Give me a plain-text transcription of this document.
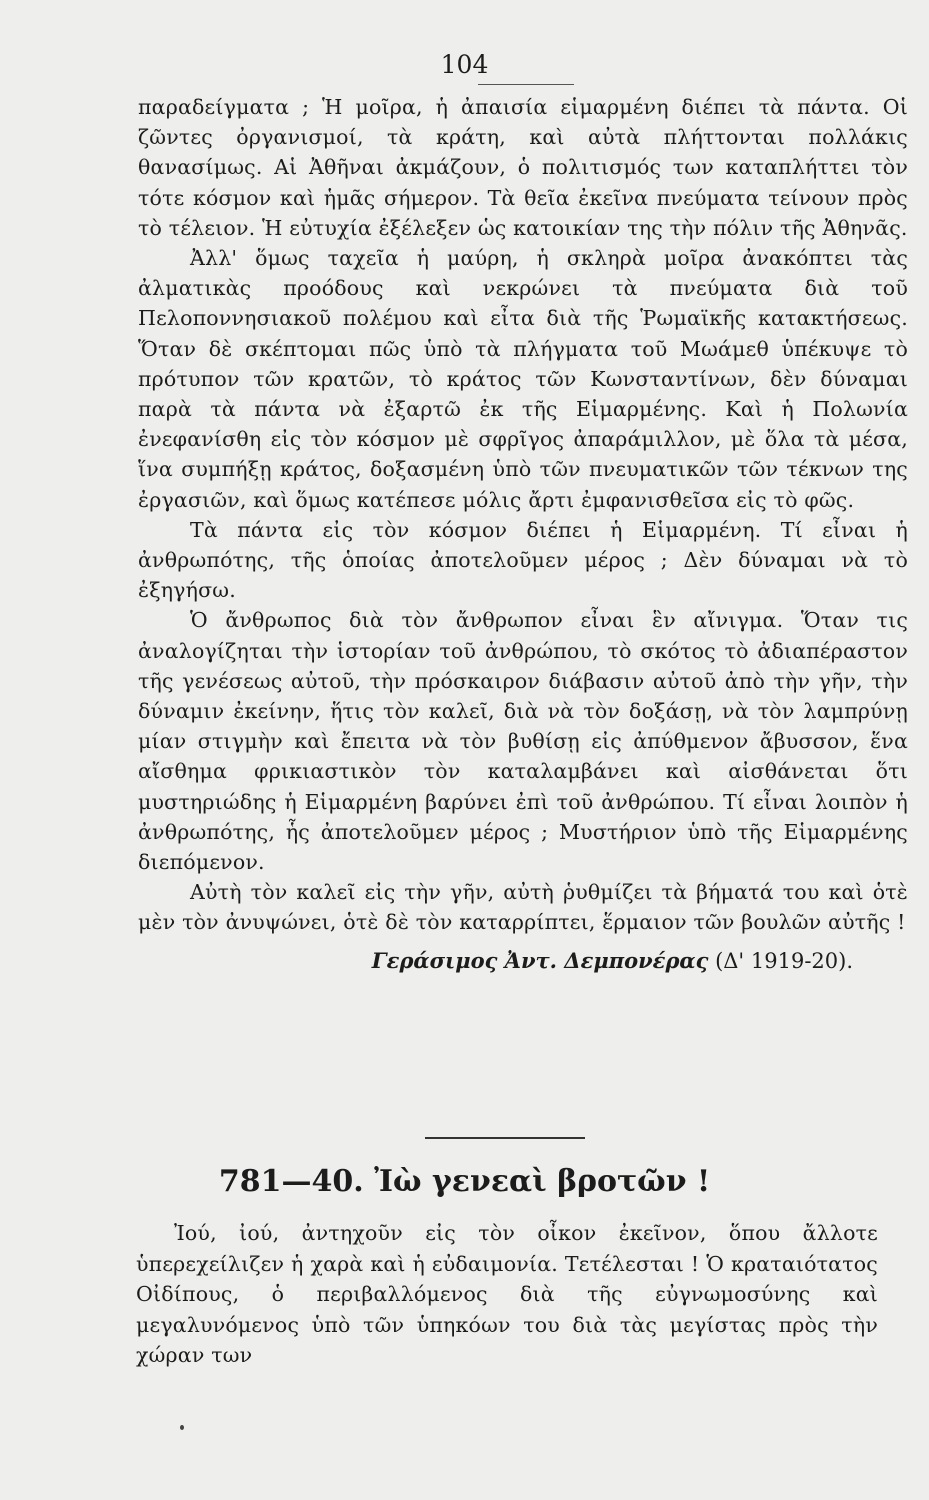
104

παραδείγματα ; Ἡ μοῖρα, ἡ ἀπαισία εἱμαρμένη διέπει τὰ πάντα. Οἱ ζῶντες ὀργανισμοί, τὰ κράτη, καὶ αὐτὰ πλήττονται πολλάκις θανασίμως. Αἱ Ἀθῆναι ἀκμάζουν, ὁ πολιτισμός των καταπλήττει τὸν τότε κόσμον καὶ ἡμᾶς σήμερον. Τὰ θεῖα ἐκεῖνα πνεύματα τείνουν πρὸς τὸ τέλειον. Ἡ εὐτυχία ἐξέλεξεν ὡς κατοικίαν της τὴν πόλιν τῆς Ἀθηνᾶς.

Ἀλλ' ὅμως ταχεῖα ἡ μαύρη, ἡ σκληρὰ μοῖρα ἀνακόπτει τὰς ἀλματικὰς προόδους καὶ νεκρώνει τὰ πνεύματα διὰ τοῦ Πελοποννησιακοῦ πολέμου καὶ εἶτα διὰ τῆς Ῥωμαϊκῆς κατακτήσεως. Ὅταν δὲ σκέπτομαι πῶς ὑπὸ τὰ πλήγματα τοῦ Μωάμεθ ὑπέκυψε τὸ πρότυπον τῶν κρατῶν, τὸ κράτος τῶν Κωνσταντίνων, δὲν δύναμαι παρὰ τὰ πάντα νὰ ἐξαρτῶ ἐκ τῆς Εἱμαρμένης. Καὶ ἡ Πολωνία ἐνεφανίσθη εἰς τὸν κόσμον μὲ σφρῖγος ἀπαράμιλλον, μὲ ὅλα τὰ μέσα, ἵνα συμπήξῃ κράτος, δοξασμένη ὑπὸ τῶν πνευματικῶν τῶν τέκνων της ἐργασιῶν, καὶ ὅμως κατέπεσε μόλις ἄρτι ἐμφανισθεῖσα εἰς τὸ φῶς.

Τὰ πάντα εἰς τὸν κόσμον διέπει ἡ Εἱμαρμένη. Τί εἶναι ἡ ἀνθρωπότης, τῆς ὁποίας ἀποτελοῦμεν μέρος ; Δὲν δύναμαι νὰ τὸ ἐξηγήσω.

Ὁ ἄνθρωπος διὰ τὸν ἄνθρωπον εἶναι ἓν αἴνιγμα. Ὅταν τις ἀναλογίζηται τὴν ἱστορίαν τοῦ ἀνθρώπου, τὸ σκότος τὸ ἀδιαπέραστον τῆς γενέσεως αὐτοῦ, τὴν πρόσκαιρον διάβασιν αὐτοῦ ἀπὸ τὴν γῆν, τὴν δύναμιν ἐκείνην, ἥτις τὸν καλεῖ, διὰ νὰ τὸν δοξάσῃ, νὰ τὸν λαμπρύνῃ μίαν στιγμὴν καὶ ἔπειτα νὰ τὸν βυθίσῃ εἰς ἀπύθμενον ἄβυσσον, ἕνα αἴσθημα φρικιαστικὸν τὸν καταλαμβάνει καὶ αἰσθάνεται ὅτι μυστηριώδης ἡ Εἱμαρμένη βαρύνει ἐπὶ τοῦ ἀνθρώπου. Τί εἶναι λοιπὸν ἡ ἀνθρωπότης, ἧς ἀποτελοῦμεν μέρος ; Μυστήριον ὑπὸ τῆς Εἱμαρμένης διεπόμενον.

Αὐτὴ τὸν καλεῖ εἰς τὴν γῆν, αὐτὴ ῥυθμίζει τὰ βήματά του καὶ ὁτὲ μὲν τὸν ἀνυψώνει, ὁτὲ δὲ τὸν καταρρίπτει, ἕρμαιον τῶν βουλῶν αὐτῆς !

Γεράσιμος Ἀντ. Δεμπονέρας (Δ' 1919-20).
781—40. Ἰὼ γενεαὶ βροτῶν !

Ἰού, ἰού, ἀντηχοῦν εἰς τὸν οἶκον ἐκεῖνον, ὅπου ἄλλοτε ὑπερεχείλιζεν ἡ χαρὰ καὶ ἡ εὐδαιμονία. Τετέλεσται ! Ὁ κραταιότατος Οἰδίπους, ὁ περιβαλλόμενος διὰ τῆς εὐγνωμοσύνης καὶ μεγαλυνόμενος ὑπὸ τῶν ὑπηκόων του διὰ τὰς μεγίστας πρὸς τὴν χώραν των
